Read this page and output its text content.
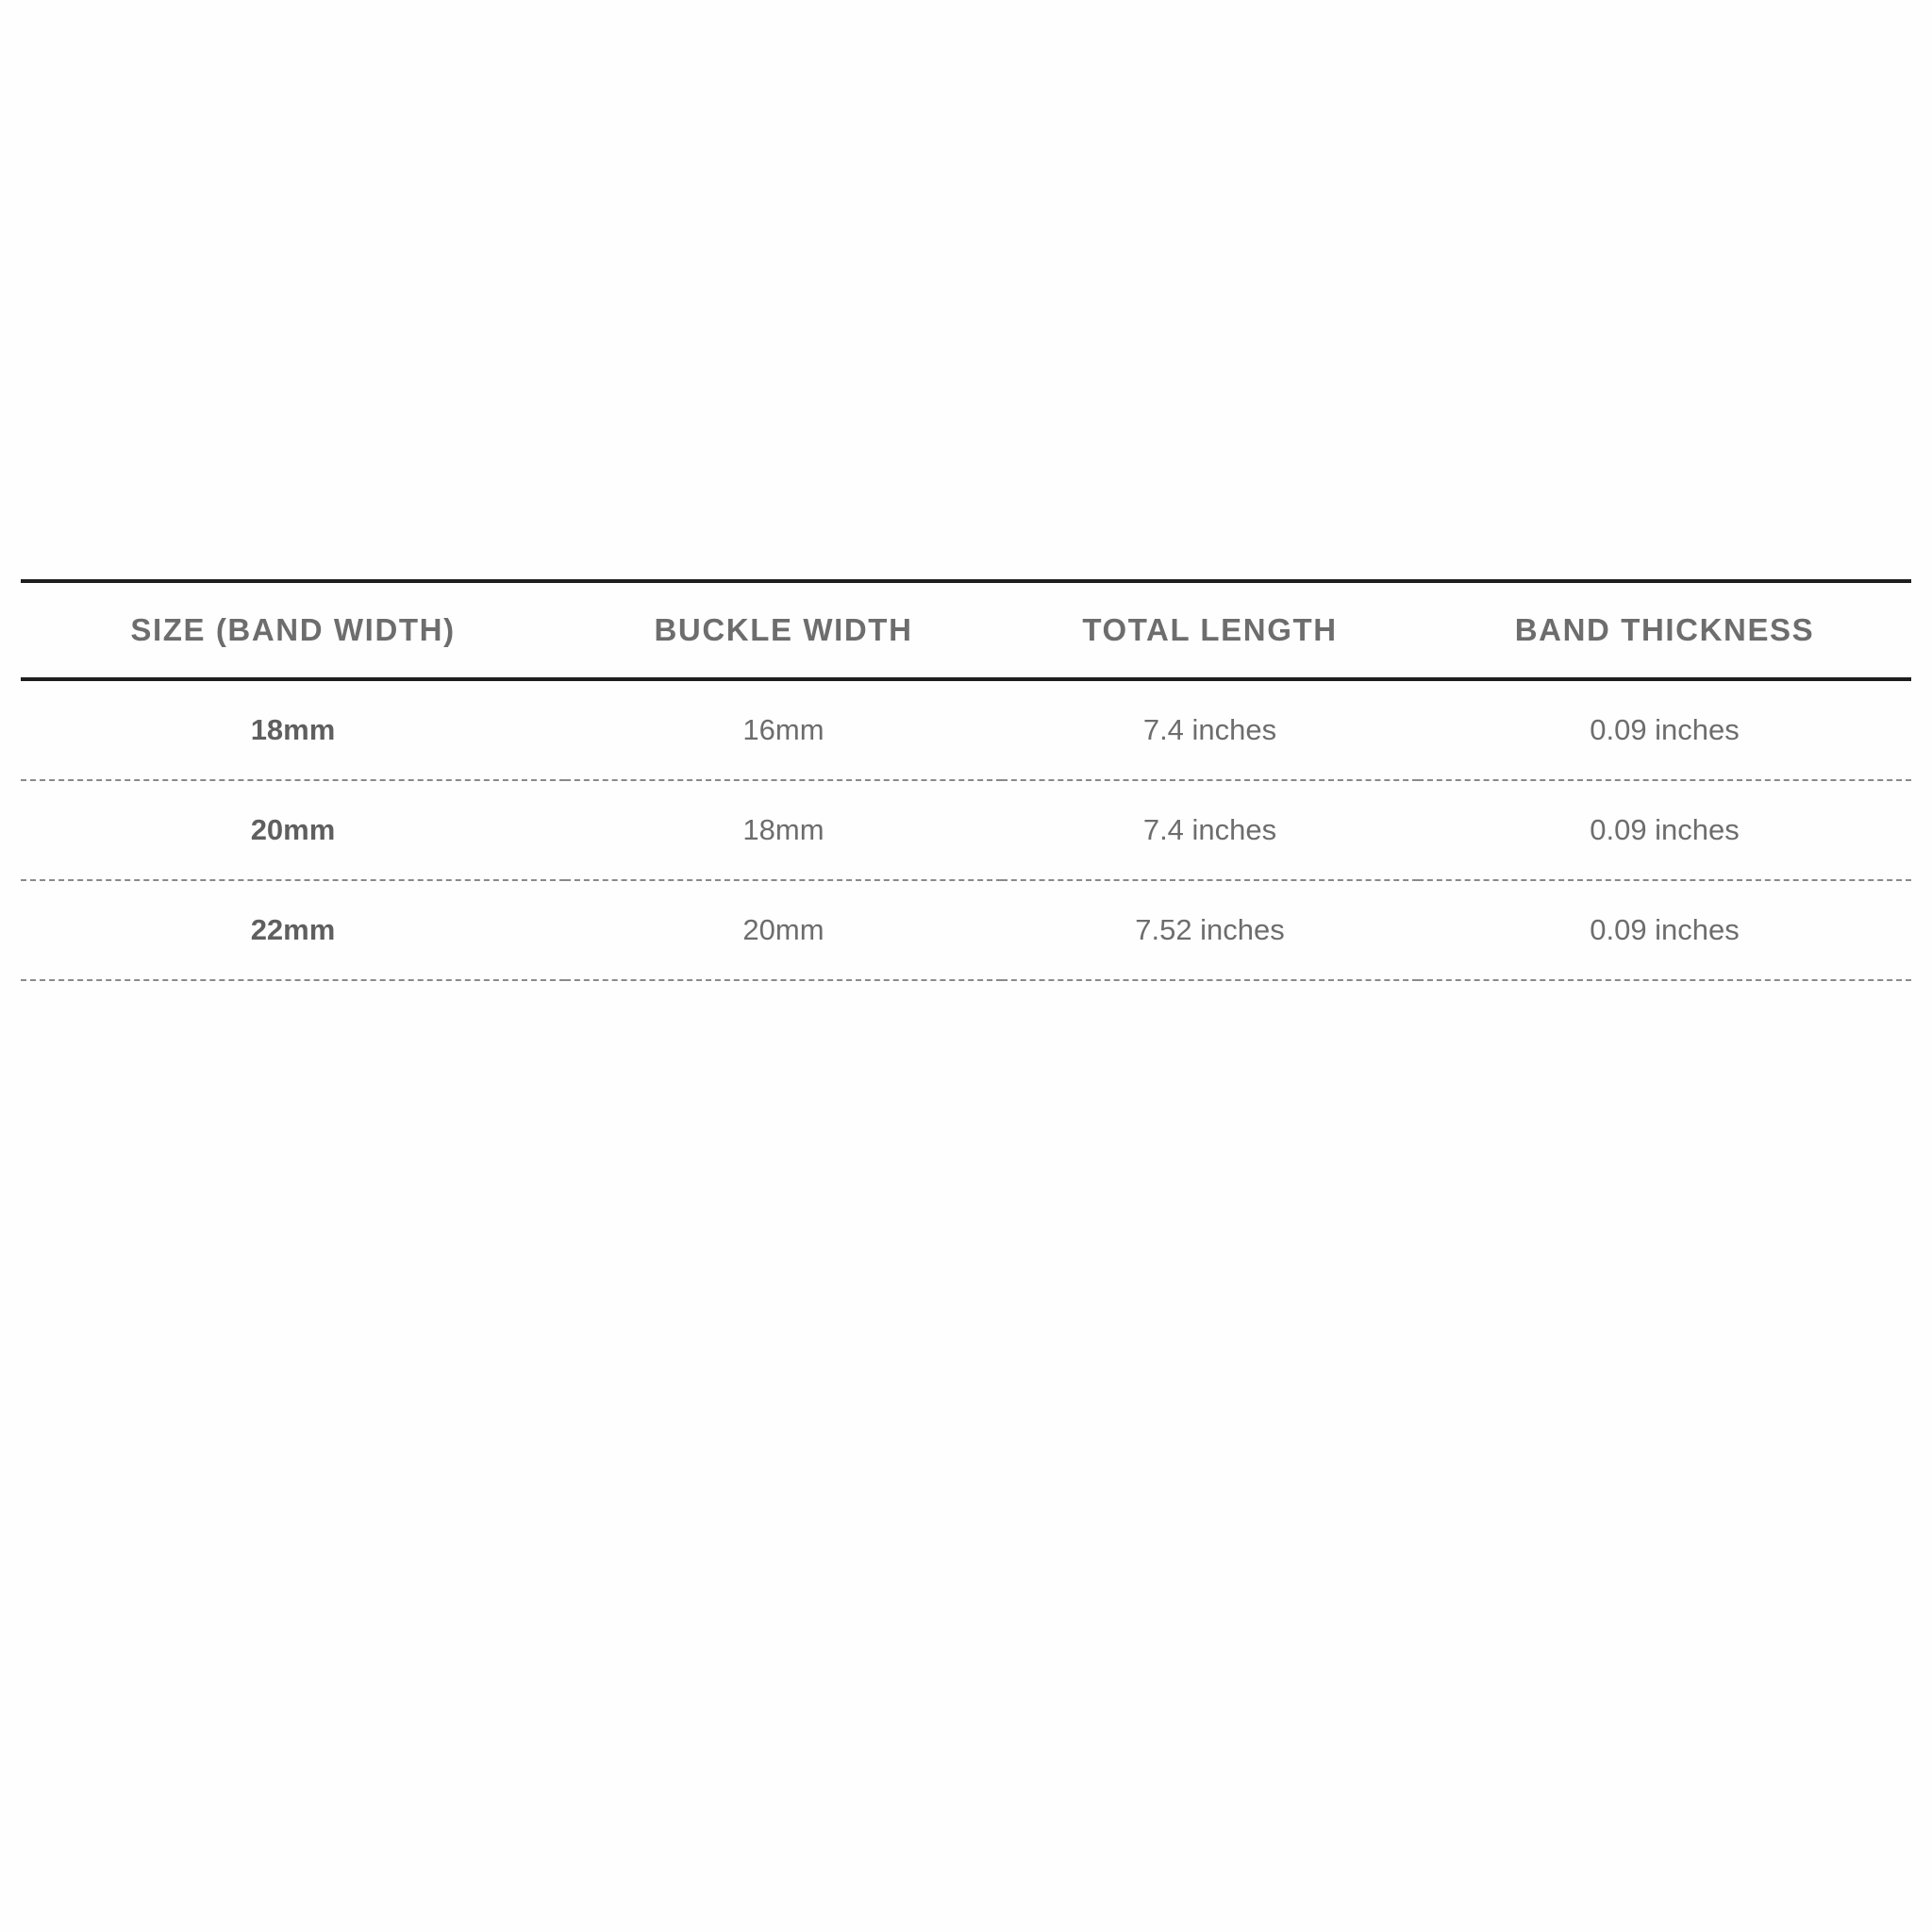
SIZE (BAND WIDTH)	BUCKLE WIDTH	TOTAL LENGTH	BAND THICKNESS
18mm	16mm	7.4 inches	0.09 inches
20mm	18mm	7.4 inches	0.09 inches
22mm	20mm	7.52 inches	0.09 inches
